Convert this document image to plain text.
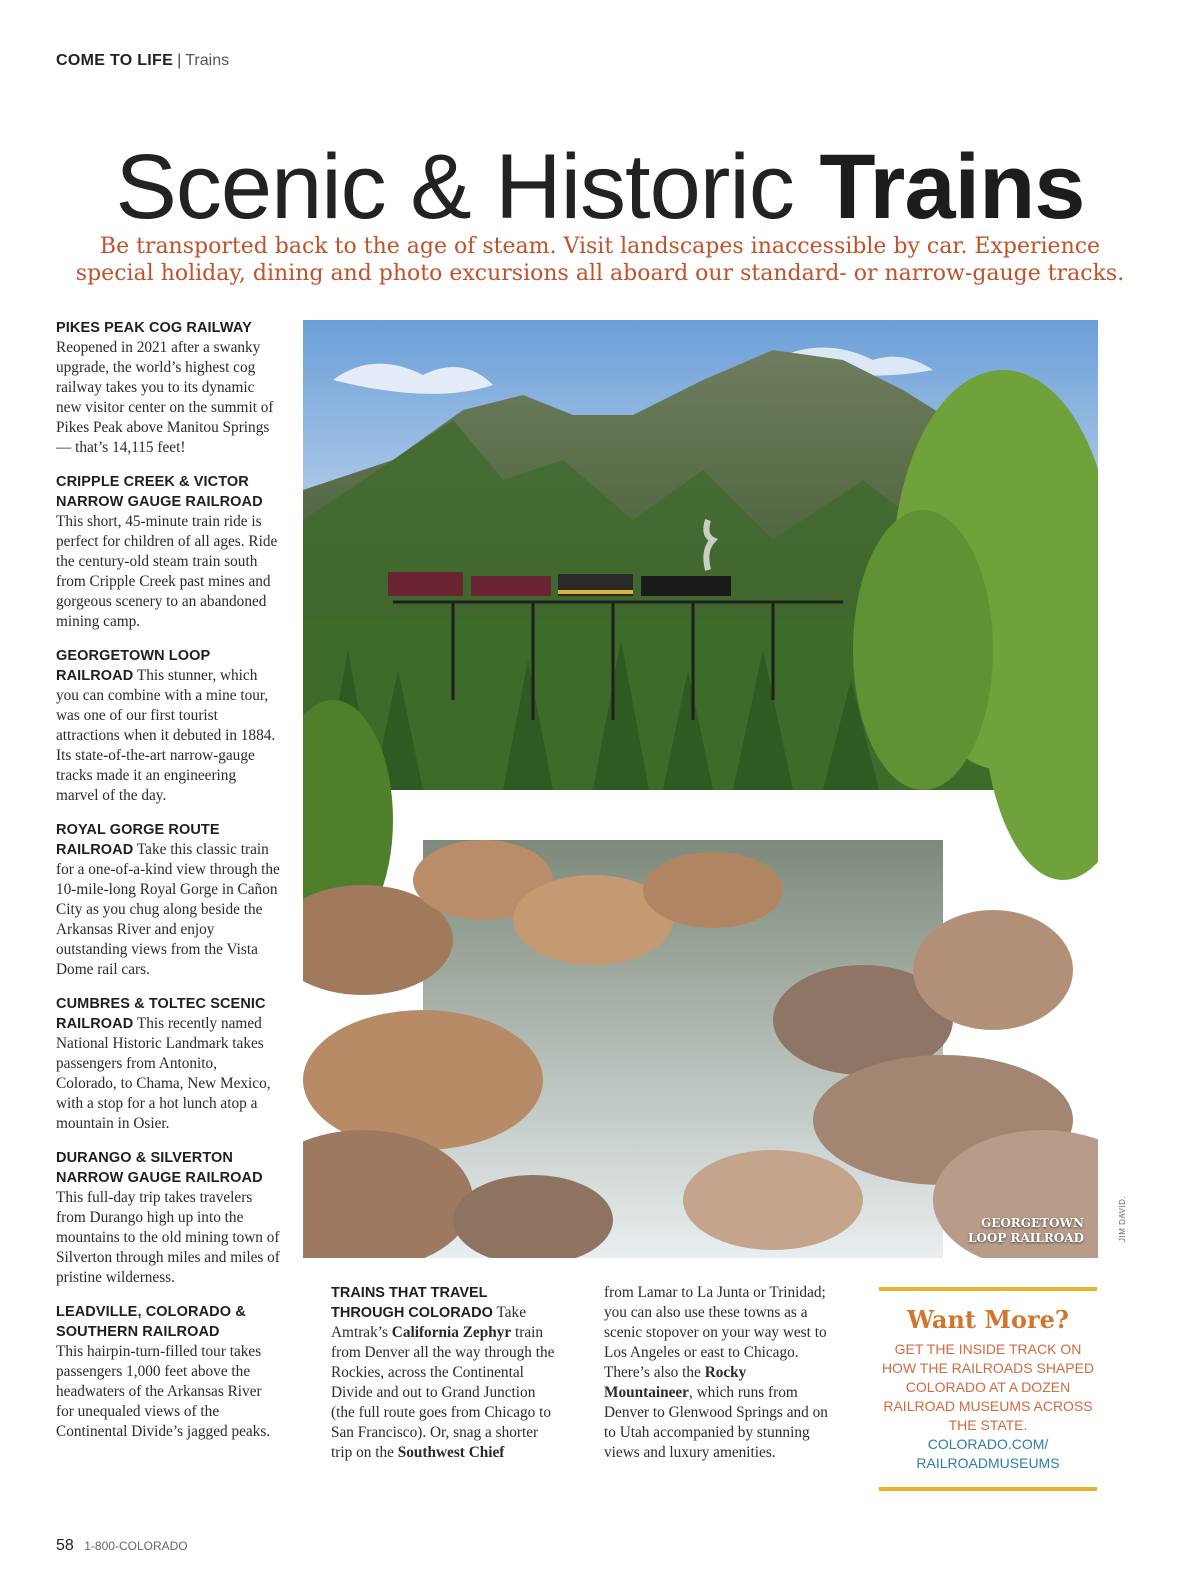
COME TO LIFE | Trains
Scenic & Historic Trains
Be transported back to the age of steam. Visit landscapes inaccessible by car. Experience special holiday, dining and photo excursions all aboard our standard- or narrow-gauge tracks.
PIKES PEAK COG RAILWAY
Reopened in 2021 after a swanky upgrade, the world’s highest cog railway takes you to its dynamic new visitor center on the summit of Pikes Peak above Manitou Springs — that’s 14,115 feet!
CRIPPLE CREEK & VICTOR NARROW GAUGE RAILROAD
This short, 45-minute train ride is perfect for children of all ages. Ride the century-old steam train south from Cripple Creek past mines and gorgeous scenery to an abandoned mining camp.
GEORGETOWN LOOP RAILROAD This stunner, which you can combine with a mine tour, was one of our first tourist attractions when it debuted in 1884. Its state-of-the-art narrow-gauge tracks made it an engineering marvel of the day.
ROYAL GORGE ROUTE RAILROAD Take this classic train for a one-of-a-kind view through the 10-mile-long Royal Gorge in Cañon City as you chug along beside the Arkansas River and enjoy outstanding views from the Vista Dome rail cars.
CUMBRES & TOLTEC SCENIC RAILROAD This recently named National Historic Landmark takes passengers from Antonito, Colorado, to Chama, New Mexico, with a stop for a hot lunch atop a mountain in Osier.
DURANGO & SILVERTON NARROW GAUGE RAILROAD
This full-day trip takes travelers from Durango high up into the mountains to the old mining town of Silverton through miles and miles of pristine wilderness.
LEADVILLE, COLORADO & SOUTHERN RAILROAD
This hairpin-turn-filled tour takes passengers 1,000 feet above the headwaters of the Arkansas River for unequaled views of the Continental Divide’s jagged peaks.
GEORGETOWN
LOOP RAILROAD	JIM DAVID.
TRAINS THAT TRAVEL THROUGH COLORADO Take Amtrak’s California Zephyr train from Denver all the way through the Rockies, across the Continental Divide and out to Grand Junction (the full route goes from Chicago to San Francisco). Or, snag a shorter trip on the Southwest Chief
from Lamar to La Junta or Trinidad; you can also use these towns as a scenic stopover on your way west to Los Angeles or east to Chicago. There’s also the Rocky Mountaineer, which runs from Denver to Glenwood Springs and on to Utah accompanied by stunning views and luxury amenities.
Want More?
GET THE INSIDE TRACK ON HOW THE RAILROADS SHAPED COLORADO AT A DOZEN RAILROAD MUSEUMS ACROSS THE STATE.
COLORADO.COM/
RAILROADMUSEUMS
58 1-800-COLORADO
